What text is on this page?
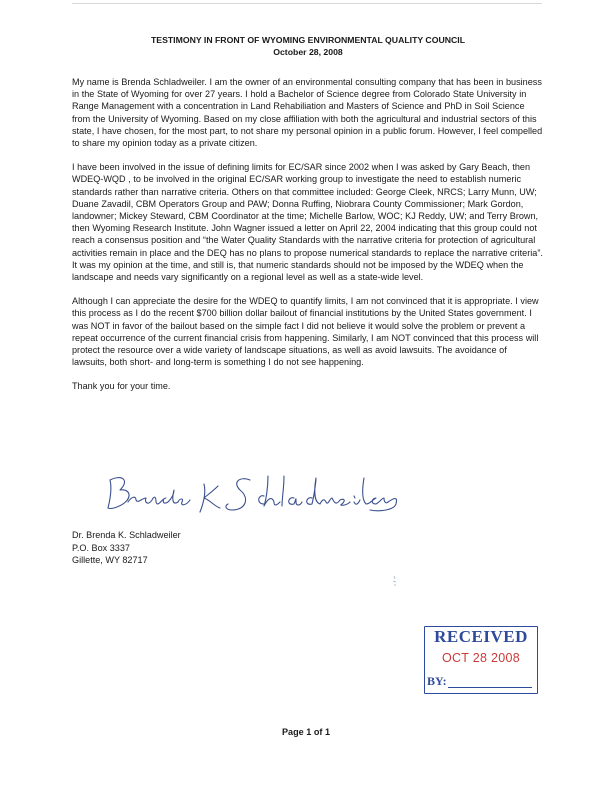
TESTIMONY IN FRONT OF WYOMING ENVIRONMENTAL QUALITY COUNCIL
October 28, 2008

My name is Brenda Schladweiler. I am the owner of an environmental consulting company that has been in business in the State of Wyoming for over 27 years. I hold a Bachelor of Science degree from Colorado State University in Range Management with a concentration in Land Rehabiliation and Masters of Science and PhD in Soil Science from the University of Wyoming. Based on my close affiliation with both the agricultural and industrial sectors of this state, I have chosen, for the most part, to not share my personal opinion in a public forum. However, I feel compelled to share my opinion today as a private citizen.

I have been involved in the issue of defining limits for EC/SAR since 2002 when I was asked by Gary Beach, then WDEQ-WQD , to be involved in the original EC/SAR working group to investigate the need to establish numeric standards rather than narrative criteria. Others on that committee included: George Cleek, NRCS; Larry Munn, UW; Duane Zavadil, CBM Operators Group and PAW; Donna Ruffing, Niobrara County Commissioner; Mark Gordon, landowner; Mickey Steward, CBM Coordinator at the time; Michelle Barlow, WOC; KJ Reddy, UW; and Terry Brown, then Wyoming Research Institute. John Wagner issued a letter on April 22, 2004 indicating that this group could not reach a consensus position and “the Water Quality Standards with the narrative criteria for protection of agricultural activities remain in place and the DEQ has no plans to propose numerical standards to replace the narrative criteria”. It was my opinion at the time, and still is, that numeric standards should not be imposed by the WDEQ when the landscape and needs vary significantly on a regional level as well as a state-wide level.

Although I can appreciate the desire for the WDEQ to quantify limits, I am not convinced that it is appropriate. I view this process as I do the recent $700 billion dollar bailout of financial institutions by the United States government. I was NOT in favor of the bailout based on the simple fact I did not believe it would solve the problem or prevent a repeat occurrence of the current financial crisis from happening. Similarly, I am NOT convinced that this process will protect the resource over a wide variety of landscape situations, as well as avoid lawsuits. The avoidance of lawsuits, both short- and long-term is something I do not see happening.

Thank you for your time.

Dr. Brenda K. Schladweiler
P.O. Box 3337
Gillette, WY 82717
RECEIVED
OCT 28 2008
BY:
Page 1 of 1
